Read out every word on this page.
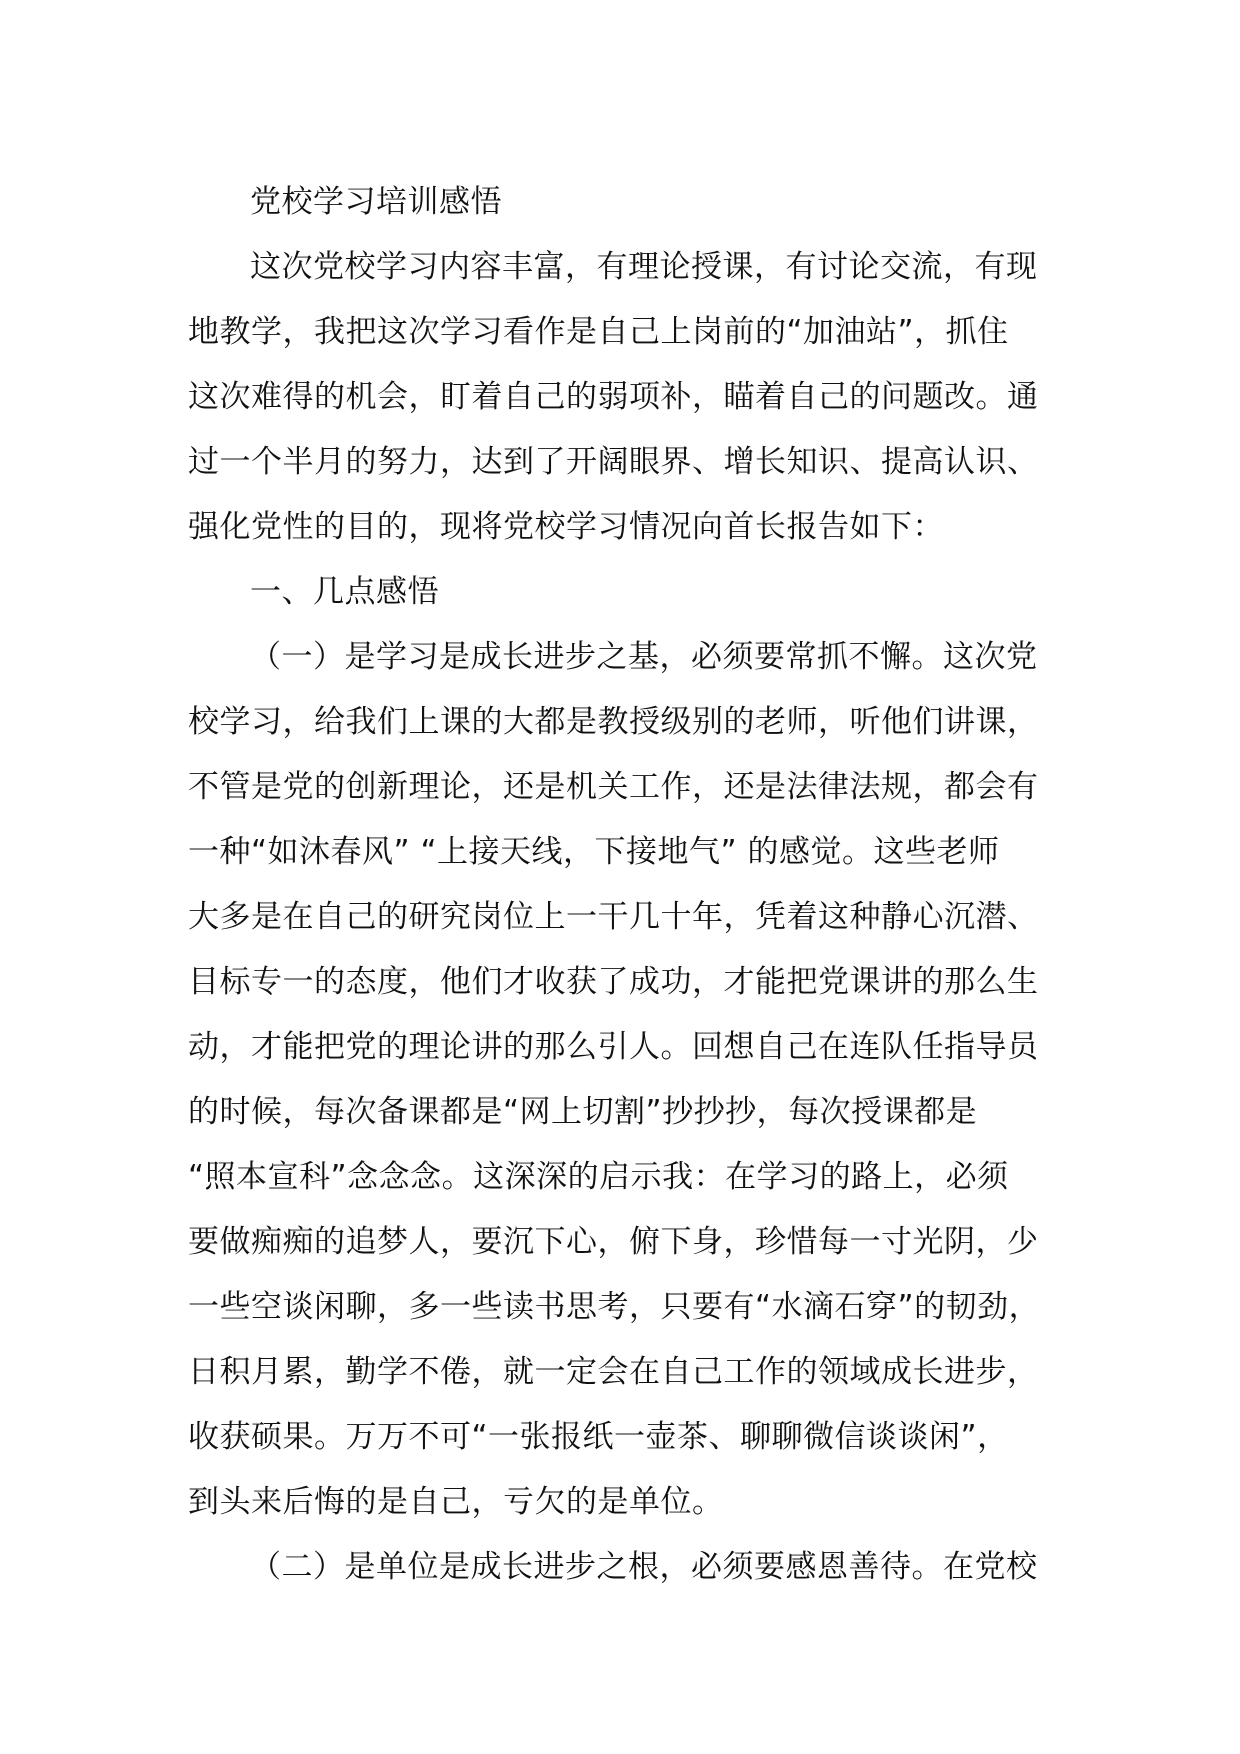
党校学习培训感悟
这次党校学习内容丰富，有理论授课，有讨论交流，有现
地教学，我把这次学习看作是自己上岗前的“加油站”，抓住
这次难得的机会，盯着自己的弱项补，瞄着自己的问题改。通
过一个半月的努力，达到了开阔眼界、增长知识、提高认识、
强化党性的目的，现将党校学习情况向首长报告如下：
一、几点感悟
（一）是学习是成长进步之基，必须要常抓不懈。这次党
校学习，给我们上课的大都是教授级别的老师，听他们讲课，
不管是党的创新理论，还是机关工作，还是法律法规，都会有
一种“如沐春风” “上接天线，下接地气” 的感觉。这些老师
大多是在自己的研究岗位上一干几十年，凭着这种静心沉潜、
目标专一的态度，他们才收获了成功，才能把党课讲的那么生
动，才能把党的理论讲的那么引人。回想自己在连队任指导员
的时候，每次备课都是“网上切割”抄抄抄，每次授课都是
“照本宣科”念念念。这深深的启示我：在学习的路上，必须
要做痴痴的追梦人，要沉下心，俯下身，珍惜每一寸光阴，少
一些空谈闲聊，多一些读书思考，只要有“水滴石穿”的韧劲，
日积月累，勤学不倦，就一定会在自己工作的领域成长进步，
收获硕果。万万不可“一张报纸一壶茶、聊聊微信谈谈闲”，
到头来后悔的是自己，亏欠的是单位。
（二）是单位是成长进步之根，必须要感恩善待。在党校
